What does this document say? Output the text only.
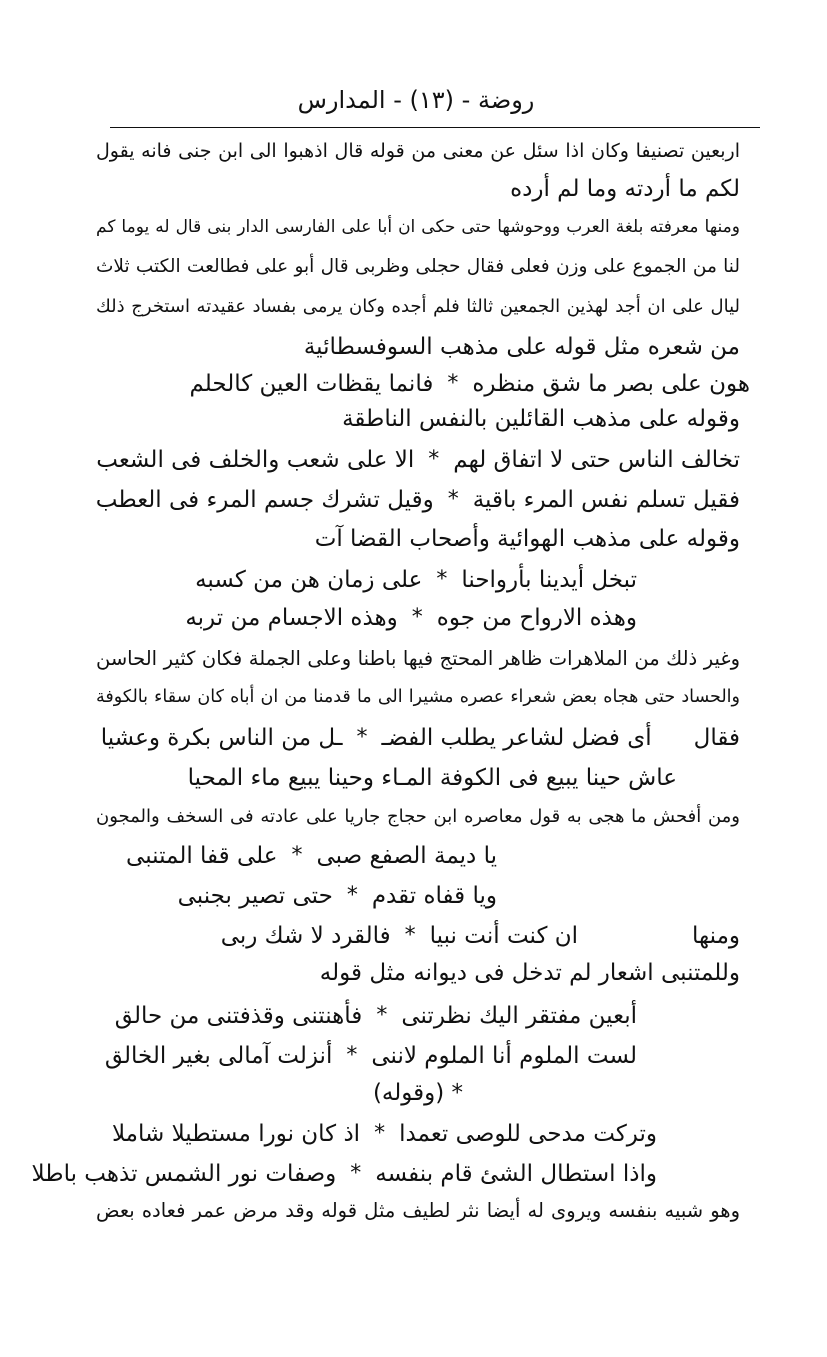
روضة - (١٣) - المدارس
اربعين تصنيفا وكان اذا سئل عن معنى من قوله قال اذهبوا الى ابن جنى فانه يقول
لكم ما أردته وما لم أرده
ومنها معرفته بلغة العرب ووحوشها حتى حكى ان أبا على الفارسى الدار بنى قال له يوما كم
لنا من الجموع على وزن فعلى فقال حجلى وظربى قال أبو على فطالعت الكتب ثلاث
ليال على ان أجد لهذين الجمعين ثالثا فلم أجده وكان يرمى بفساد عقيدته استخرج ذلك
من شعره مثل قوله على مذهب السوفسطائية
هون على بصر ما شق منظره
*
فانما يقظات العين كالحلم
وقوله على مذهب القائلين بالنفس الناطقة
تخالف الناس حتى لا اتفاق لهم
*
الا على شعب والخلف فى الشعب
فقيل تسلم نفس المرء باقية
*
وقيل تشرك جسم المرء فى العطب
وقوله على مذهب الهوائية وأصحاب القضا آت
تبخل أيدينا بأرواحنا
*
على زمان هن من كسبه
وهذه الارواح من جوه
*
وهذه الاجسام من تربه
وغير ذلك من الملاهرات ظاهر المحتج فيها باطنا وعلى الجملة فكان كثير الحاسن
والحساد حتى هجاه بعض شعراء عصره مشيرا الى ما قدمنا من ان أباه كان سقاء بالكوفة
فقال
أى فضل لشاعر يطلب الفضـ
*
ـل من الناس بكرة وعشيا
عاش حينا يبيع فى الكوفة المـاء وحينا يبيع ماء المحيا
ومن أفحش ما هجى به قول معاصره ابن حجاج جاريا على عادته فى السخف والمجون
يا ديمة الصفع صبى
*
على قفا المتنبى
ويا قفاه تقدم
*
حتى تصير بجنبى
ومنها
ان كنت أنت نبيا
*
فالقرد لا شك ربى
وللمتنبى اشعار لم تدخل فى ديوانه مثل قوله
أبعين مفتقر اليك نظرتنى
*
فأهنتنى وقذفتنى من حالق
لست الملوم أنا الملوم لاننى
*
أنزلت آمالى بغير الخالق
* (وقوله)
وتركت مدحى للوصى تعمدا
*
اذ كان نورا مستطيلا شاملا
واذا استطال الشئ قام بنفسه
*
وصفات نور الشمس تذهب باطلا
وهو شبيه بنفسه ويروى له أيضا نثر لطيف مثل قوله وقد مرض عمر فعاده بعض
